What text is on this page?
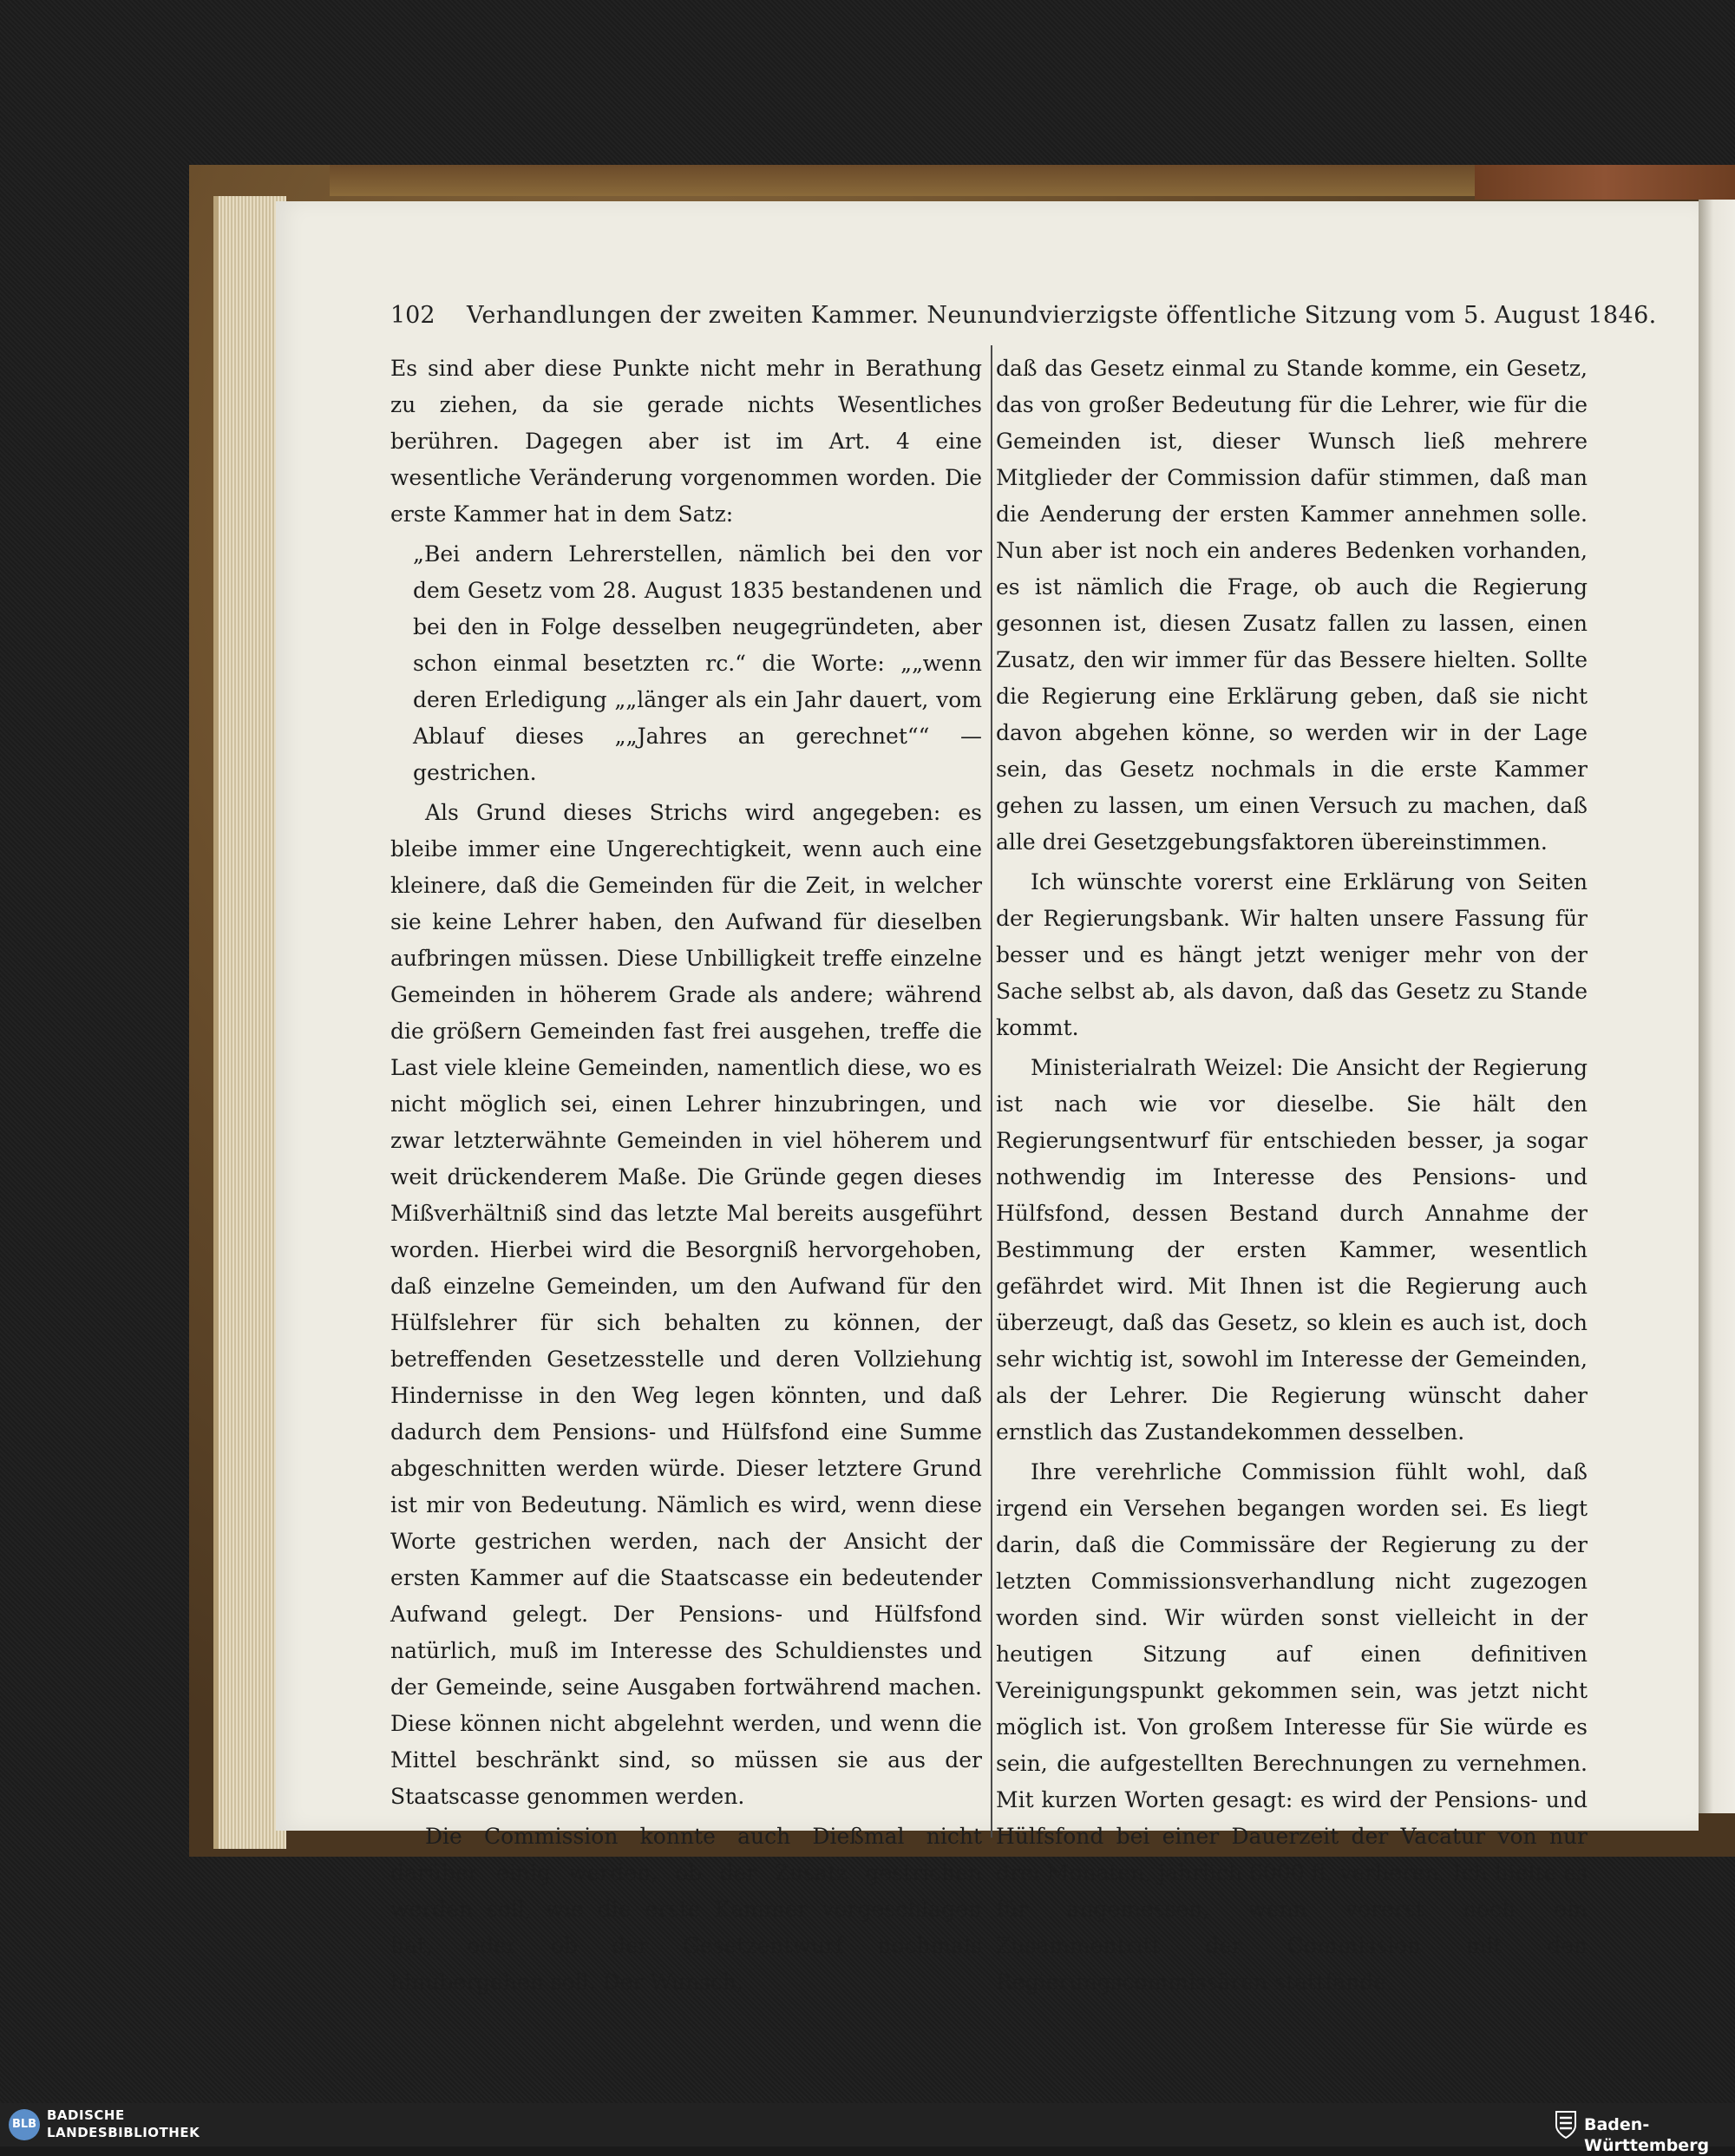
102 Verhandlungen der zweiten Kammer. Neunundvierzigste öffentliche Sitzung vom 5. August 1846.

Es sind aber diese Punkte nicht mehr in Berathung zu ziehen, da sie gerade nichts Wesentliches berühren. Dagegen aber ist im Art. 4 eine wesentliche Veränderung vorgenommen worden. Die erste Kammer hat in dem Satz:

„Bei andern Lehrerstellen, nämlich bei den vor dem Gesetz vom 28. August 1835 bestandenen und bei den in Folge desselben neugegründeten, aber schon einmal besetzten rc.“ die Worte: „„wenn deren Erledigung „„länger als ein Jahr dauert, vom Ablauf dieses „„Jahres an gerechnet““ — gestrichen.

Als Grund dieses Strichs wird angegeben: es bleibe immer eine Ungerechtigkeit, wenn auch eine kleinere, daß die Gemeinden für die Zeit, in welcher sie keine Lehrer haben, den Aufwand für dieselben aufbringen müssen. Diese Unbilligkeit treffe einzelne Gemeinden in höherem Grade als andere; während die größern Gemeinden fast frei ausgehen, treffe die Last viele kleine Gemeinden, namentlich diese, wo es nicht möglich sei, einen Lehrer hinzubringen, und zwar letzterwähnte Gemeinden in viel höherem und weit drückenderem Maße. Die Gründe gegen dieses Mißverhältniß sind das letzte Mal bereits ausgeführt worden. Hierbei wird die Besorgniß hervorgehoben, daß einzelne Gemeinden, um den Aufwand für den Hülfslehrer für sich behalten zu können, der betreffenden Gesetzesstelle und deren Vollziehung Hindernisse in den Weg legen könnten, und daß dadurch dem Pensions- und Hülfsfond eine Summe abgeschnitten werden würde. Dieser letztere Grund ist mir von Bedeutung. Nämlich es wird, wenn diese Worte gestrichen werden, nach der Ansicht der ersten Kammer auf die Staatscasse ein bedeutender Aufwand gelegt. Der Pensions- und Hülfsfond natürlich, muß im Interesse des Schuldienstes und der Gemeinde, seine Ausgaben fortwährend machen. Diese können nicht abgelehnt werden, und wenn die Mittel beschränkt sind, so müssen sie aus der Staatscasse genommen werden.

Die Commission konnte auch Dießmal nicht darüber einig werden, ob der Zusatz gestrichen werden soll, wie die erste Kammer vorgeschlagen hat, oder ob der Gesetzentwurf nochmals hinübergehen soll. Der Wunsch,

daß das Gesetz einmal zu Stande komme, ein Gesetz, das von großer Bedeutung für die Lehrer, wie für die Gemeinden ist, dieser Wunsch ließ mehrere Mitglieder der Commission dafür stimmen, daß man die Aenderung der ersten Kammer annehmen solle. Nun aber ist noch ein anderes Bedenken vorhanden, es ist nämlich die Frage, ob auch die Regierung gesonnen ist, diesen Zusatz fallen zu lassen, einen Zusatz, den wir immer für das Bessere hielten. Sollte die Regierung eine Erklärung geben, daß sie nicht davon abgehen könne, so werden wir in der Lage sein, das Gesetz nochmals in die erste Kammer gehen zu lassen, um einen Versuch zu machen, daß alle drei Gesetzgebungsfaktoren übereinstimmen.

Ich wünschte vorerst eine Erklärung von Seiten der Regierungsbank. Wir halten unsere Fassung für besser und es hängt jetzt weniger mehr von der Sache selbst ab, als davon, daß das Gesetz zu Stande kommt.

Ministerialrath Weizel: Die Ansicht der Regierung ist nach wie vor dieselbe. Sie hält den Regierungsentwurf für entschieden besser, ja sogar nothwendig im Interesse des Pensions- und Hülfsfond, dessen Bestand durch Annahme der Bestimmung der ersten Kammer, wesentlich gefährdet wird. Mit Ihnen ist die Regierung auch überzeugt, daß das Gesetz, so klein es auch ist, doch sehr wichtig ist, sowohl im Interesse der Gemeinden, als der Lehrer. Die Regierung wünscht daher ernstlich das Zustandekommen desselben.

Ihre verehrliche Commission fühlt wohl, daß irgend ein Versehen begangen worden sei. Es liegt darin, daß die Commissäre der Regierung zu der letzten Commissionsverhandlung nicht zugezogen worden sind. Wir würden sonst vielleicht in der heutigen Sitzung auf einen definitiven Vereinigungspunkt gekommen sein, was jetzt nicht möglich ist. Von großem Interesse für Sie würde es sein, die aufgestellten Berechnungen zu vernehmen. Mit kurzen Worten gesagt: es wird der Pensions- und Hülfsfond bei einer Dauerzeit der Vacatur von nur drei Monaten, jährlich 6000 fl. verlieren. Ich hielte es für angemessen, wenn vorerst noch ein Zusammentritt der Commission mit den Regierungscommissären stattfände.

BLB
BADISCHE
LANDESBIBLIOTHEK	Baden-Württemberg
